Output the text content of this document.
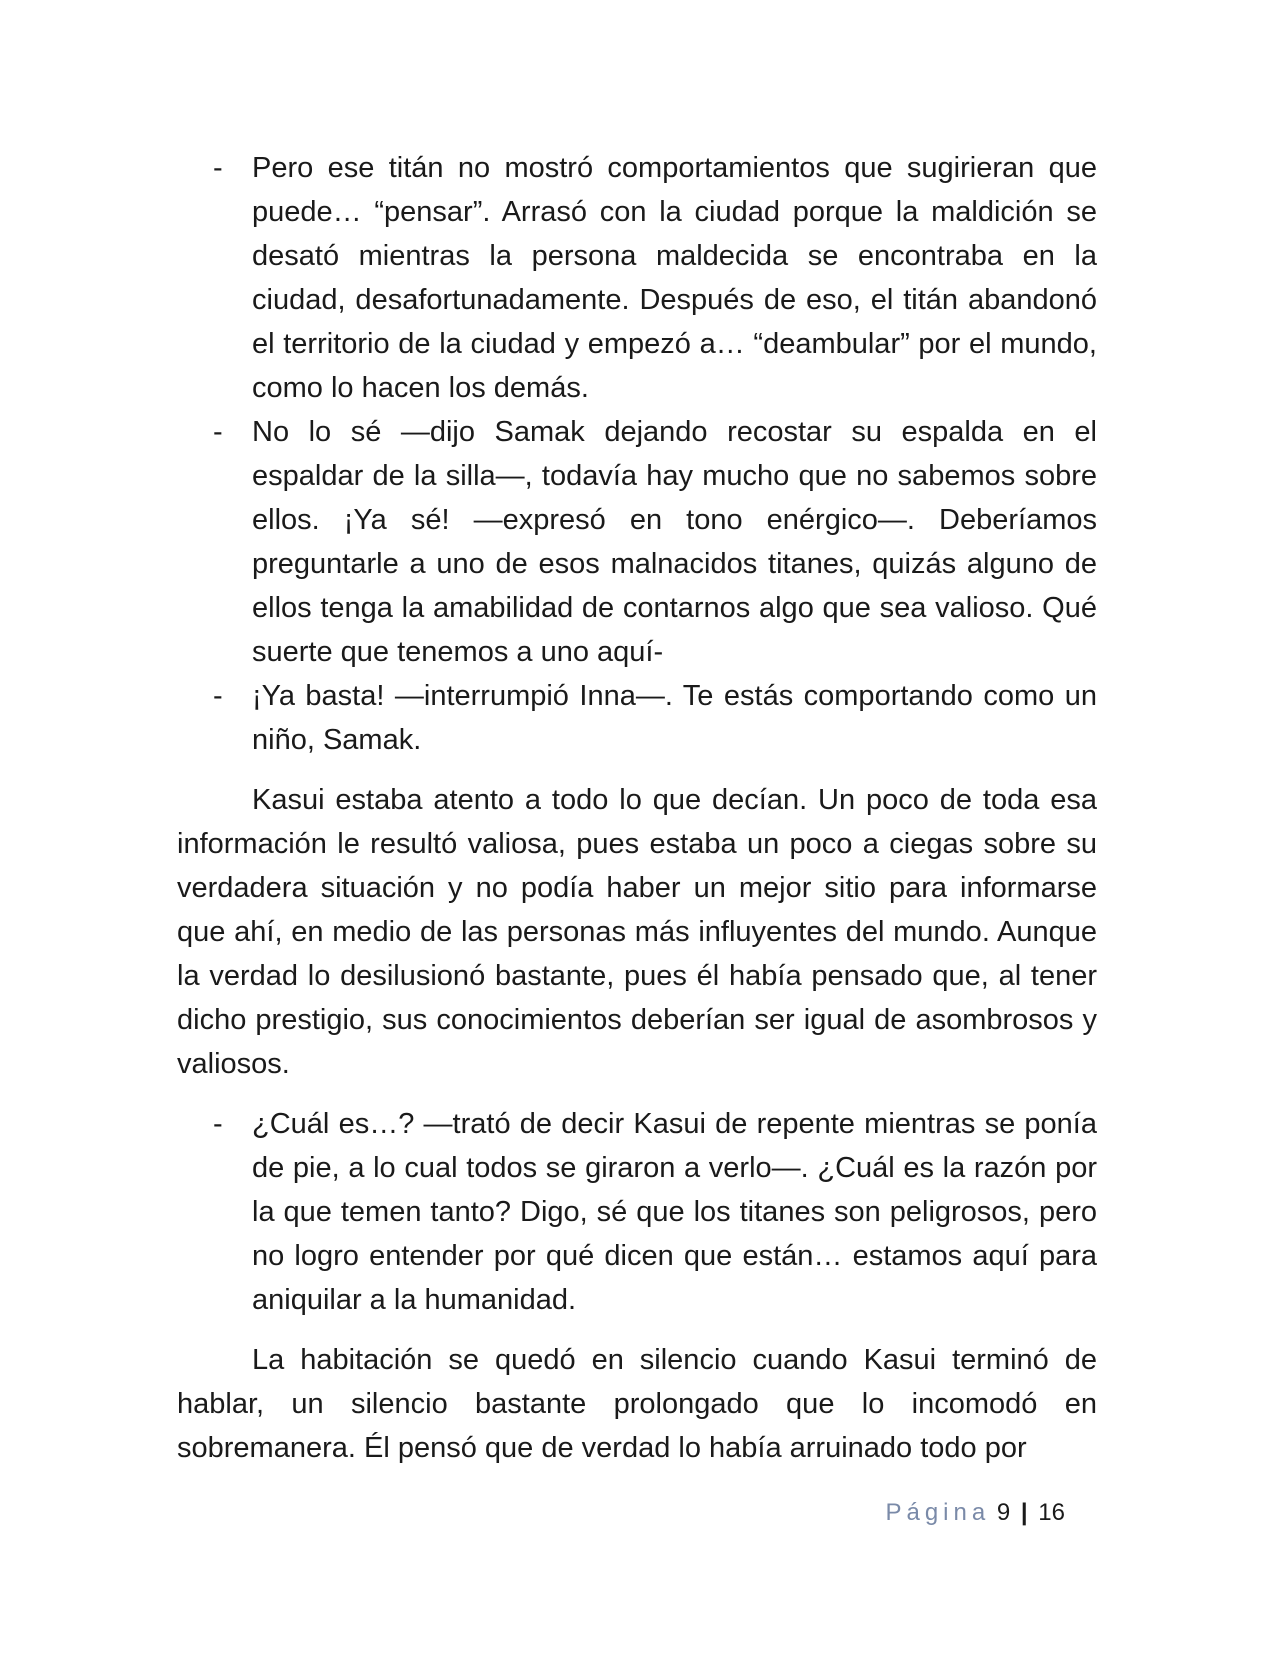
- Pero ese titán no mostró comportamientos que sugirieran que puede… “pensar”. Arrasó con la ciudad porque la maldición se desató mientras la persona maldecida se encontraba en la ciudad, desafortunadamente. Después de eso, el titán abandonó el territorio de la ciudad y empezó a… “deambular” por el mundo, como lo hacen los demás.

- No lo sé —dijo Samak dejando recostar su espalda en el espaldar de la silla—, todavía hay mucho que no sabemos sobre ellos. ¡Ya sé! —expresó en tono enérgico—. Deberíamos preguntarle a uno de esos malnacidos titanes, quizás alguno de ellos tenga la amabilidad de contarnos algo que sea valioso. Qué suerte que tenemos a uno aquí-

- ¡Ya basta! —interrumpió Inna—. Te estás comportando como un niño, Samak.

Kasui estaba atento a todo lo que decían. Un poco de toda esa información le resultó valiosa, pues estaba un poco a ciegas sobre su verdadera situación y no podía haber un mejor sitio para informarse que ahí, en medio de las personas más influyentes del mundo. Aunque la verdad lo desilusionó bastante, pues él había pensado que, al tener dicho prestigio, sus conocimientos deberían ser igual de asombrosos y valiosos.

- ¿Cuál es…? —trató de decir Kasui de repente mientras se ponía de pie, a lo cual todos se giraron a verlo—. ¿Cuál es la razón por la que temen tanto? Digo, sé que los titanes son peligrosos, pero no logro entender por qué dicen que están… estamos aquí para aniquilar a la humanidad.

La habitación se quedó en silencio cuando Kasui terminó de hablar, un silencio bastante prolongado que lo incomodó en sobremanera. Él pensó que de verdad lo había arruinado todo por

Página 9 | 16
